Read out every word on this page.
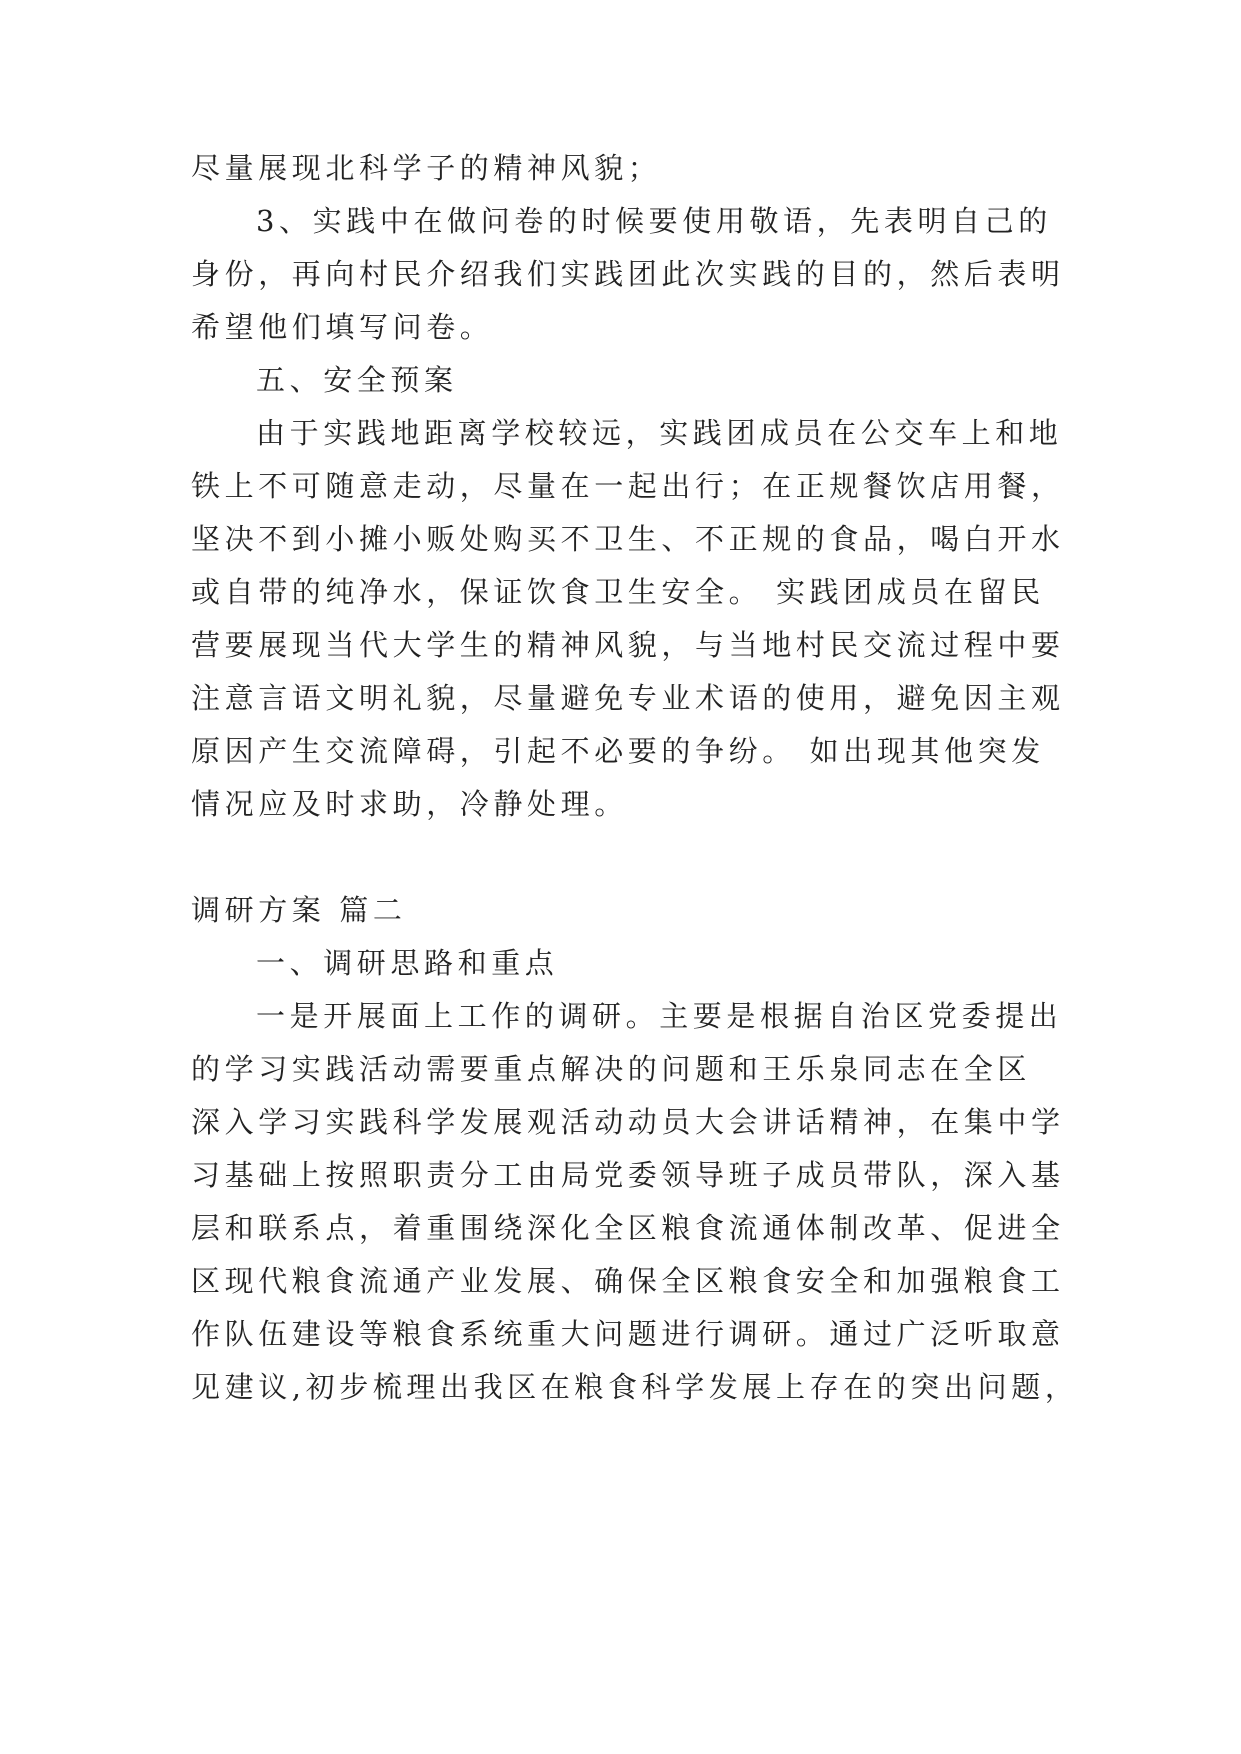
尽量展现北科学子的精神风貌；
3、实践中在做问卷的时候要使用敬语，先表明自己的
身份，再向村民介绍我们实践团此次实践的目的，然后表明
希望他们填写问卷。
五、安全预案
由于实践地距离学校较远，实践团成员在公交车上和地
铁上不可随意走动，尽量在一起出行；在正规餐饮店用餐，
坚决不到小摊小贩处购买不卫生、不正规的食品，喝白开水
或自带的纯净水，保证饮食卫生安全。 实践团成员在留民
营要展现当代大学生的精神风貌，与当地村民交流过程中要
注意言语文明礼貌，尽量避免专业术语的使用，避免因主观
原因产生交流障碍，引起不必要的争纷。 如出现其他突发
情况应及时求助，冷静处理。
调研方案 篇二
一、调研思路和重点
一是开展面上工作的调研。主要是根据自治区党委提出
的学习实践活动需要重点解决的问题和王乐泉同志在全区
深入学习实践科学发展观活动动员大会讲话精神，在集中学
习基础上按照职责分工由局党委领导班子成员带队，深入基
层和联系点，着重围绕深化全区粮食流通体制改革、促进全
区现代粮食流通产业发展、确保全区粮食安全和加强粮食工
作队伍建设等粮食系统重大问题进行调研。通过广泛听取意
见建议,初步梳理出我区在粮食科学发展上存在的突出问题，
